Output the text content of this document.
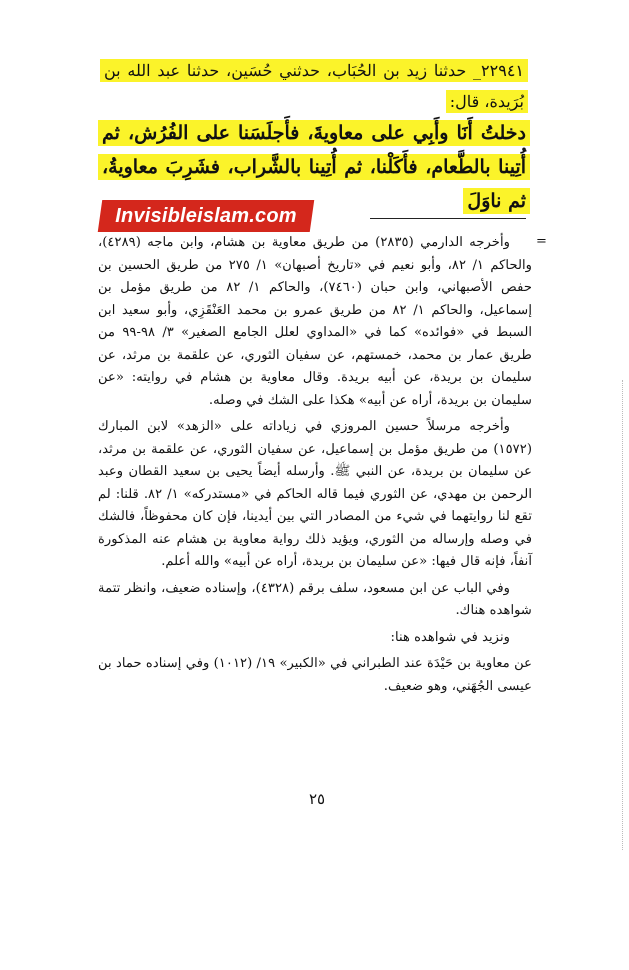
٢٢٩٤١_ حدثنا زيد بن الحُبَاب، حدثني حُسَين، حدثنا عبد الله بن بُرَيدة، قال:
دخلتُ أَنَا وأَبِي على معاويةَ، فأَجلَسَنا على الفُرُش، ثم أُتِينا بالطَّعام، فأَكَلْنا، ثم أُتِينا بالشَّراب، فشَرِبَ معاويةُ، ثم ناوَلَ
Invisibleislam.com
=

وأخرجه الدارمي (٢٨٣٥) من طريق معاوية بن هشام، وابن ماجه (٤٢٨٩)، والحاكم ١/ ٨٢، وأبو نعيم في «تاريخ أصبهان» ١/ ٢٧٥ من طريق الحسين بن حفص الأصبهاني، وابن حبان (٧٤٦٠)، والحاكم ١/ ٨٢ من طريق مؤمل بن إسماعيل، والحاكم ١/ ٨٢ من طريق عمرو بن محمد العَنْقَزِي، وأبو سعيد ابن السبط في «فوائده» كما في «المداوي لعلل الجامع الصغير» ٣/ ٩٨-٩٩ من طريق عمار بن محمد، خمستهم، عن سفيان الثوري، عن علقمة بن مرثد، عن سليمان بن بريدة، عن أبيه بريدة. وقال معاوية بن هشام في روايته: «عن سليمان بن بريدة، أراه عن أبيه» هكذا على الشك في وصله.

وأخرجه مرسلاً حسين المروزي في زياداته على «الزهد» لابن المبارك (١٥٧٢) من طريق مؤمل بن إسماعيل، عن سفيان الثوري، عن علقمة بن مرثد، عن سليمان بن بريدة، عن النبي ﷺ. وأرسله أيضاً يحيى بن سعيد القطان وعبد الرحمن بن مهدي، عن الثوري فيما قاله الحاكم في «مستدركه» ١/ ٨٢. قلنا: لم تقع لنا روايتهما في شيء من المصادر التي بين أيدينا، فإن كان محفوظاً، فالشك في وصله وإرساله من الثوري، ويؤيد ذلك رواية معاوية بن هشام عنه المذكورة آنفاً، فإنه قال فيها: «عن سليمان بن بريدة، أراه عن أبيه» والله أعلم.

وفي الباب عن ابن مسعود، سلف برقم (٤٣٢٨)، وإسناده ضعيف، وانظر تتمة شواهده هناك.

ونزيد في شواهده هنا:

عن معاوية بن حَيْدَة عند الطبراني في «الكبير» ١٩/ (١٠١٢) وفي إسناده حماد بن عيسى الجُهَني، وهو ضعيف.

٢٥
